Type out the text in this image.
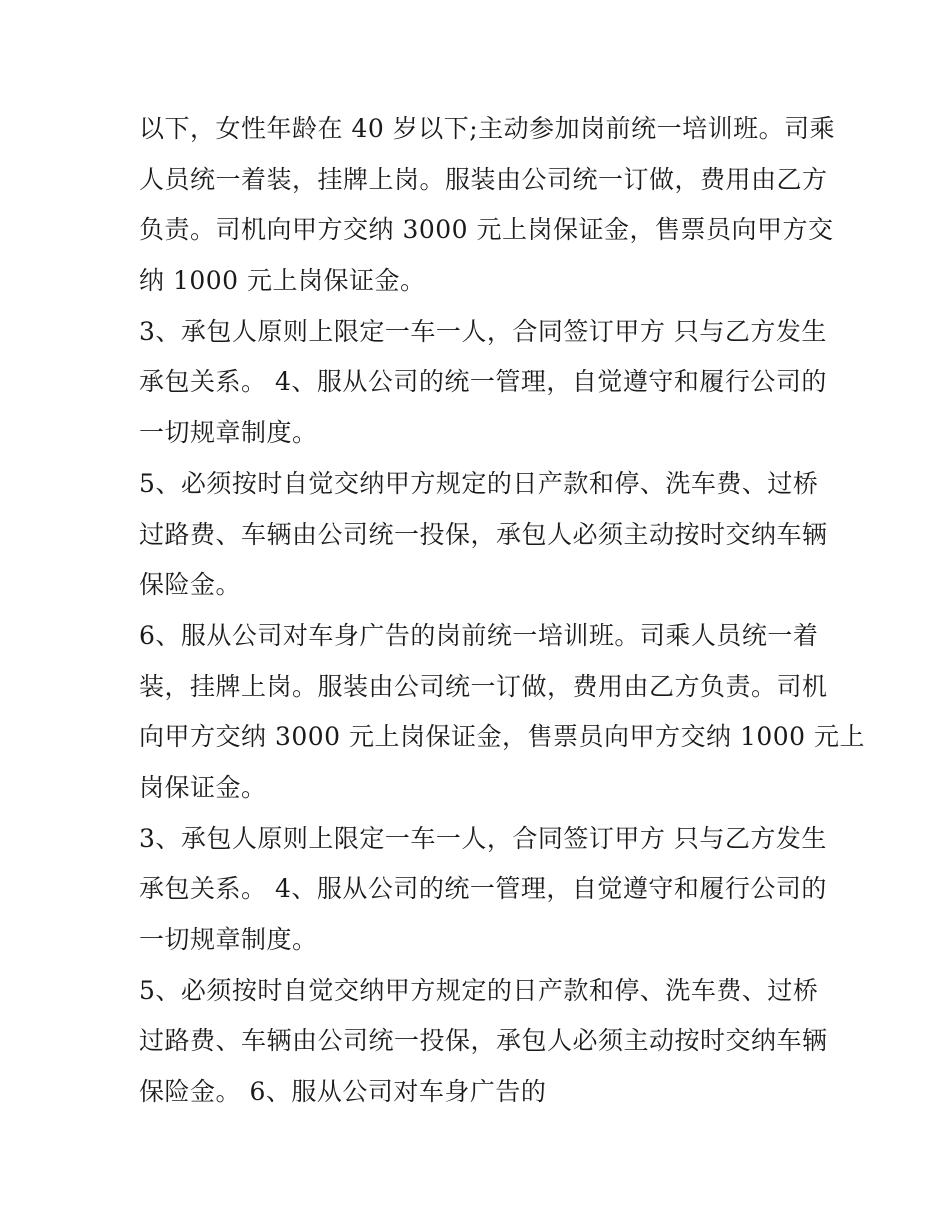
以下，女性年龄在 40 岁以下;主动参加岗前统一培训班。司乘
人员统一着装，挂牌上岗。服装由公司统一订做，费用由乙方
负责。司机向甲方交纳 3000 元上岗保证金，售票员向甲方交
纳 1000 元上岗保证金。
3、承包人原则上限定一车一人，合同签订甲方 只与乙方发生
承包关系。 4、服从公司的统一管理，自觉遵守和履行公司的
一切规章制度。
5、必须按时自觉交纳甲方规定的日产款和停、洗车费、过桥
过路费、车辆由公司统一投保，承包人必须主动按时交纳车辆
保险金。
6、服从公司对车身广告的岗前统一培训班。司乘人员统一着
装，挂牌上岗。服装由公司统一订做，费用由乙方负责。司机
向甲方交纳 3000 元上岗保证金，售票员向甲方交纳 1000 元上
岗保证金。
3、承包人原则上限定一车一人，合同签订甲方 只与乙方发生
承包关系。 4、服从公司的统一管理，自觉遵守和履行公司的
一切规章制度。
5、必须按时自觉交纳甲方规定的日产款和停、洗车费、过桥
过路费、车辆由公司统一投保，承包人必须主动按时交纳车辆
保险金。 6、服从公司对车身广告的
